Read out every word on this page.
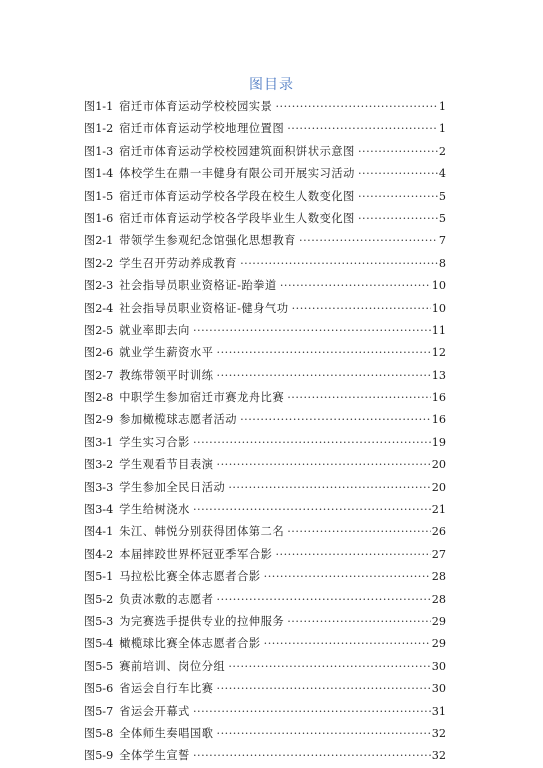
图目录
图1-1 宿迁市体育运动学校校园实景 ·····	1
图1-2 宿迁市体育运动学校地理位置图 ·····	1
图1-3 宿迁市体育运动学校校园建筑面积饼状示意图 ·····	2
图1-4 体校学生在鼎一丰健身有限公司开展实习活动 ·····	4
图1-5 宿迁市体育运动学校各学段在校生人数变化图 ·····	5
图1-6 宿迁市体育运动学校各学段毕业生人数变化图 ·····	5
图2-1 带领学生参观纪念馆强化思想教育 ·····	7
图2-2 学生召开劳动养成教育 ·····	8
图2-3 社会指导员职业资格证-跆拳道 ·····	10
图2-4 社会指导员职业资格证-健身气功 ·····	10
图2-5 就业率即去向 ·····	11
图2-6 就业学生薪资水平 ·····	12
图2-7 教练带领平时训练 ·····	13
图2-8 中职学生参加宿迁市赛龙舟比赛 ·····	16
图2-9 参加橄榄球志愿者活动 ·····	16
图3-1 学生实习合影 ·····	19
图3-2 学生观看节目表演 ·····	20
图3-3 学生参加全民日活动 ·····	20
图3-4 学生给树浇水 ·····	21
图4-1 朱江、韩悦分别获得团体第二名 ·····	26
图4-2 本届摔跤世界杯冠亚季军合影 ·····	27
图5-1 马拉松比赛全体志愿者合影 ·····	28
图5-2 负责冰敷的志愿者 ·····	28
图5-3 为完赛选手提供专业的拉伸服务 ·····	29
图5-4 橄榄球比赛全体志愿者合影 ·····	29
图5-5 赛前培训、岗位分组 ·····	30
图5-6 省运会自行车比赛 ·····	30
图5-7 省运会开幕式 ·····	31
图5-8 全体师生奏唱国歌 ·····	32
图5-9 全体学生宣誓 ·····	32
